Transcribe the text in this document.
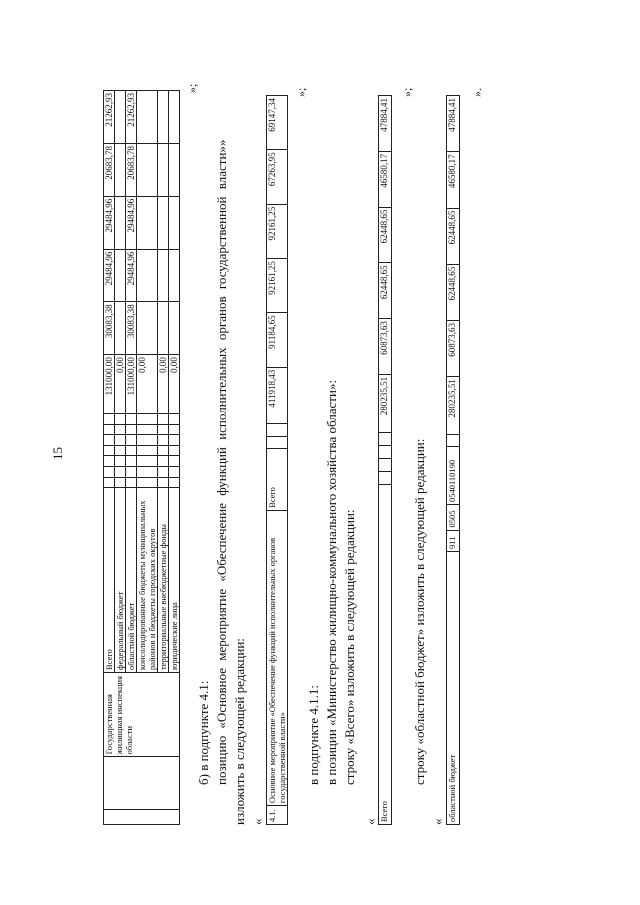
15
		Государственная жилищная инспекция области	Всего								131000,00	30083,38	29484,96	29484,96	20683,78	21262,93
			федеральный бюджет								0,00					
			областной бюджет								131000,00	30083,38	29484,96	29484,96	20683,78	21262,93
			консолидированные бюджеты муниципальных районов и бюджеты городских округов								0,00					
			территориальные внебюджетные фонды								0,00					
			юридические лица								0,00					
»;
б) в подпункте 4.1: позицию «Основное мероприятие «Обеспечение функций исполнительных органов государственной власти»» изложить в следующей редакции: « 4.1.	Основное мероприятие «Обеспечение функций исполнительных органов государственной власти»	Всего			411918,43	91184,65	92161,25	92161,25	67263,95	69147,34
»;
в подпункте 4.1.1: в позиции «Министерство жилищно-коммунального хозяйства области»: строку «Всего» изложить в следующей редакции:
« Всего					280235,51	60873,63	62448,65	62448,65	46580,17	47884,41
»;
строку «областной бюджет» изложить в следующей редакции:
« областной бюджет	911	0505	0540110190		280235,51	60873,63	62448,65	62448,65	46580,17	47884,41
».
